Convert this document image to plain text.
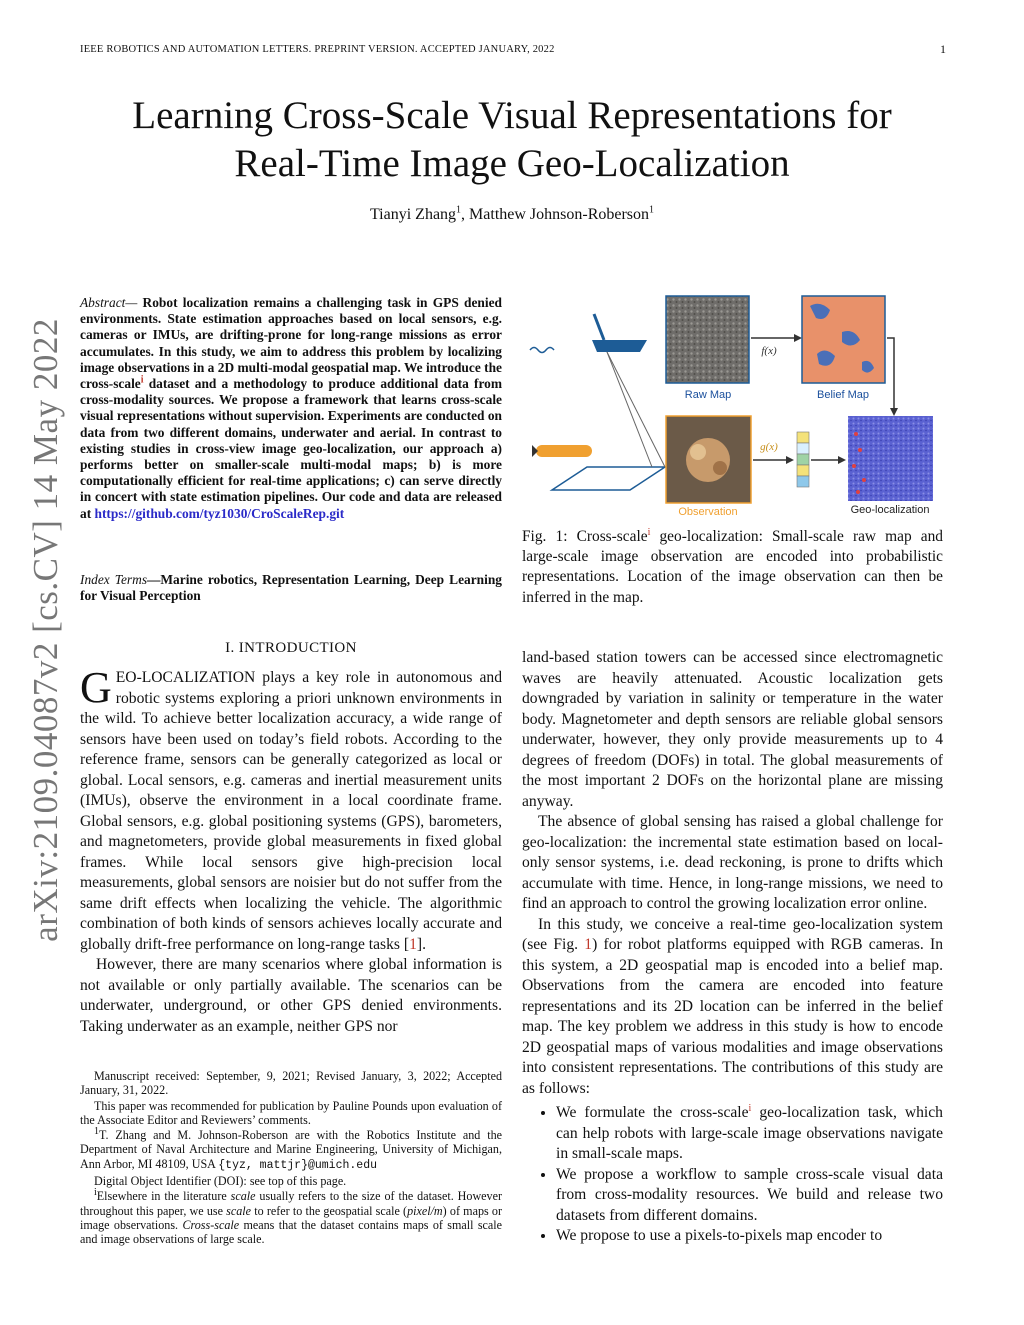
IEEE ROBOTICS AND AUTOMATION LETTERS. PREPRINT VERSION. ACCEPTED JANUARY, 2022	1
arXiv:2109.04087v2 [cs.CV] 14 May 2022
Learning Cross-Scale Visual Representations for
Real-Time Image Geo-Localization
Tianyi Zhang$^1$, Matthew Johnson-Roberson$^1$
Abstract— Robot localization remains a challenging task in GPS denied environments. State estimation approaches based on local sensors, e.g. cameras or IMUs, are drifting-prone for long-range missions as error accumulates. In this study, we aim to address this problem by localizing image observations in a 2D multi-modal geospatial map. We introduce the cross-scale$^i$ dataset and a methodology to produce additional data from cross-modality sources. We propose a framework that learns cross-scale visual representations without supervision. Experiments are conducted on data from two different domains, underwater and aerial. In contrast to existing studies in cross-view image geo-localization, our approach a) performs better on smaller-scale multi-modal maps; b) is more computationally efficient for real-time applications; c) can serve directly in concert with state estimation pipelines. Our code and data are released at https://github.com/tyz1030/CroScaleRep.git
Index Terms—Marine robotics, Representation Learning, Deep Learning for Visual Perception
I. INTRODUCTION

GEO-LOCALIZATION plays a key role in autonomous and robotic systems exploring a priori unknown environments in the wild. To achieve better localization accuracy, a wide range of sensors have been used on today’s field robots. According to the reference frame, sensors can be generally categorized as local or global. Local sensors, e.g. cameras and inertial measurement units (IMUs), observe the environment in a local coordinate frame. Global sensors, e.g. global positioning systems (GPS), barometers, and magnetometers, provide global measurements in fixed global frames. While local sensors give high-precision local measurements, global sensors are noisier but do not suffer from the same drift effects when localizing the vehicle. The algorithmic combination of both kinds of sensors achieves locally accurate and globally drift-free performance on long-range tasks [1].

However, there are many scenarios where global information is not available or only partially available. The scenarios can be underwater, underground, or other GPS denied environments. Taking underwater as an example, neither GPS nor

Manuscript received: September, 9, 2021; Revised January, 3, 2022; Accepted January, 31, 2022.

This paper was recommended for publication by Pauline Pounds upon evaluation of the Associate Editor and Reviewers’ comments.

$^1$T. Zhang and M. Johnson-Roberson are with the Robotics Institute and the Department of Naval Architecture and Marine Engineering, University of Michigan, Ann Arbor, MI 48109, USA {tyz, mattjr}@umich.edu

Digital Object Identifier (DOI): see top of this page.

$^i$Elsewhere in the literature scale usually refers to the size of the dataset. However throughout this paper, we use scale to refer to the geospatial scale (pixel/m) of maps or image observations. Cross-scale means that the dataset contains maps of small scale and image observations of large scale.

Raw Map
f(x)
Belief Map
Observation
g(x)
Geo-localization
Fig. 1: Cross-scale$^i$ geo-localization: Small-scale raw map and large-scale image observation are encoded into probabilistic representations. Location of the image observation can then be inferred in the map.

land-based station towers can be accessed since electromagnetic waves are heavily attenuated. Acoustic localization gets downgraded by variation in salinity or temperature in the water body. Magnetometer and depth sensors are reliable global sensors underwater, however, they only provide measurements up to 4 degrees of freedom (DOFs) in total. The global measurements of the most important 2 DOFs on the horizontal plane are missing anyway.

The absence of global sensing has raised a global challenge for geo-localization: the incremental state estimation based on local-only sensor systems, i.e. dead reckoning, is prone to drifts which accumulate with time. Hence, in long-range missions, we need to find an approach to control the growing localization error online.

In this study, we conceive a real-time geo-localization system (see Fig. 1) for robot platforms equipped with RGB cameras. In this system, a 2D geospatial map is encoded into a belief map. Observations from the camera are encoded into feature representations and its 2D location can be inferred in the belief map. The key problem we address in this study is how to encode 2D geospatial maps of various modalities and image observations into consistent representations. The contributions of this study are as follows:

• We formulate the cross-scale$^i$ geo-localization task, which can help robots with large-scale image observations navigate in small-scale maps.
• We propose a workflow to sample cross-scale visual data from cross-modality resources. We build and release two datasets from different domains.
• We propose to use a pixels-to-pixels map encoder to
